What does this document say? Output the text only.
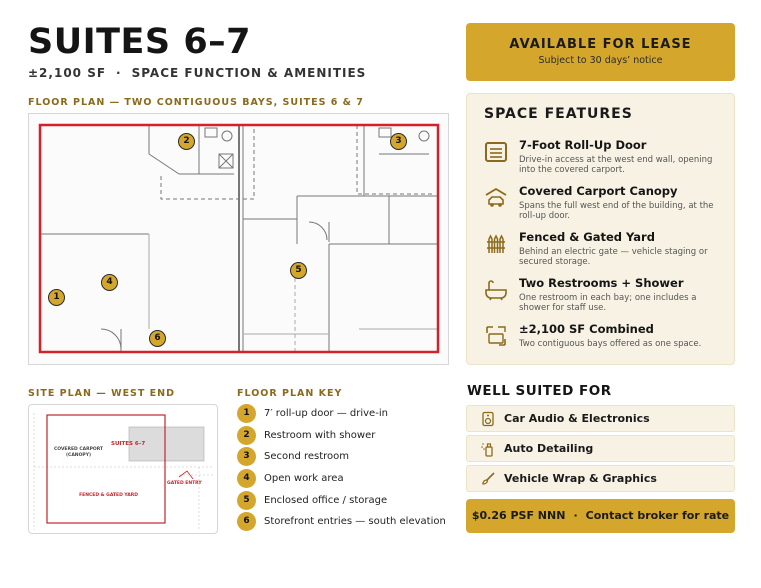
SUITES 6–7
±2,100 SF · SPACE FUNCTION & AMENITIES
FLOOR PLAN — TWO CONTIGUOUS BAYS, SUITES 6 & 7
1
2	3
4
5
6
SITE PLAN — WEST END
COVERED CARPORT
(CANOPY)
SUITES 6–7
FENCED & GATED YARD
GATED ENTRY
FLOOR PLAN KEY
1	7′ roll-up door — drive-in
2	Restroom with shower
3	Second restroom
4	Open work area
5	Enclosed office / storage
6	Storefront entries — south elevation
AVAILABLE FOR LEASE
Subject to 30 days’ notice
SPACE FEATURES
7-Foot Roll-Up Door
Drive-in access at the west end wall, opening into the covered carport.
Covered Carport Canopy
Spans the full west end of the building, at the roll-up door.
Fenced & Gated Yard
Behind an electric gate — vehicle staging or secured storage.
Two Restrooms + Shower
One restroom in each bay; one includes a shower for staff use.
±2,100 SF Combined
Two contiguous bays offered as one space.
WELL SUITED FOR
Car Audio & Electronics
Auto Detailing
Vehicle Wrap & Graphics
$0.26 PSF NNN · Contact broker for rate
